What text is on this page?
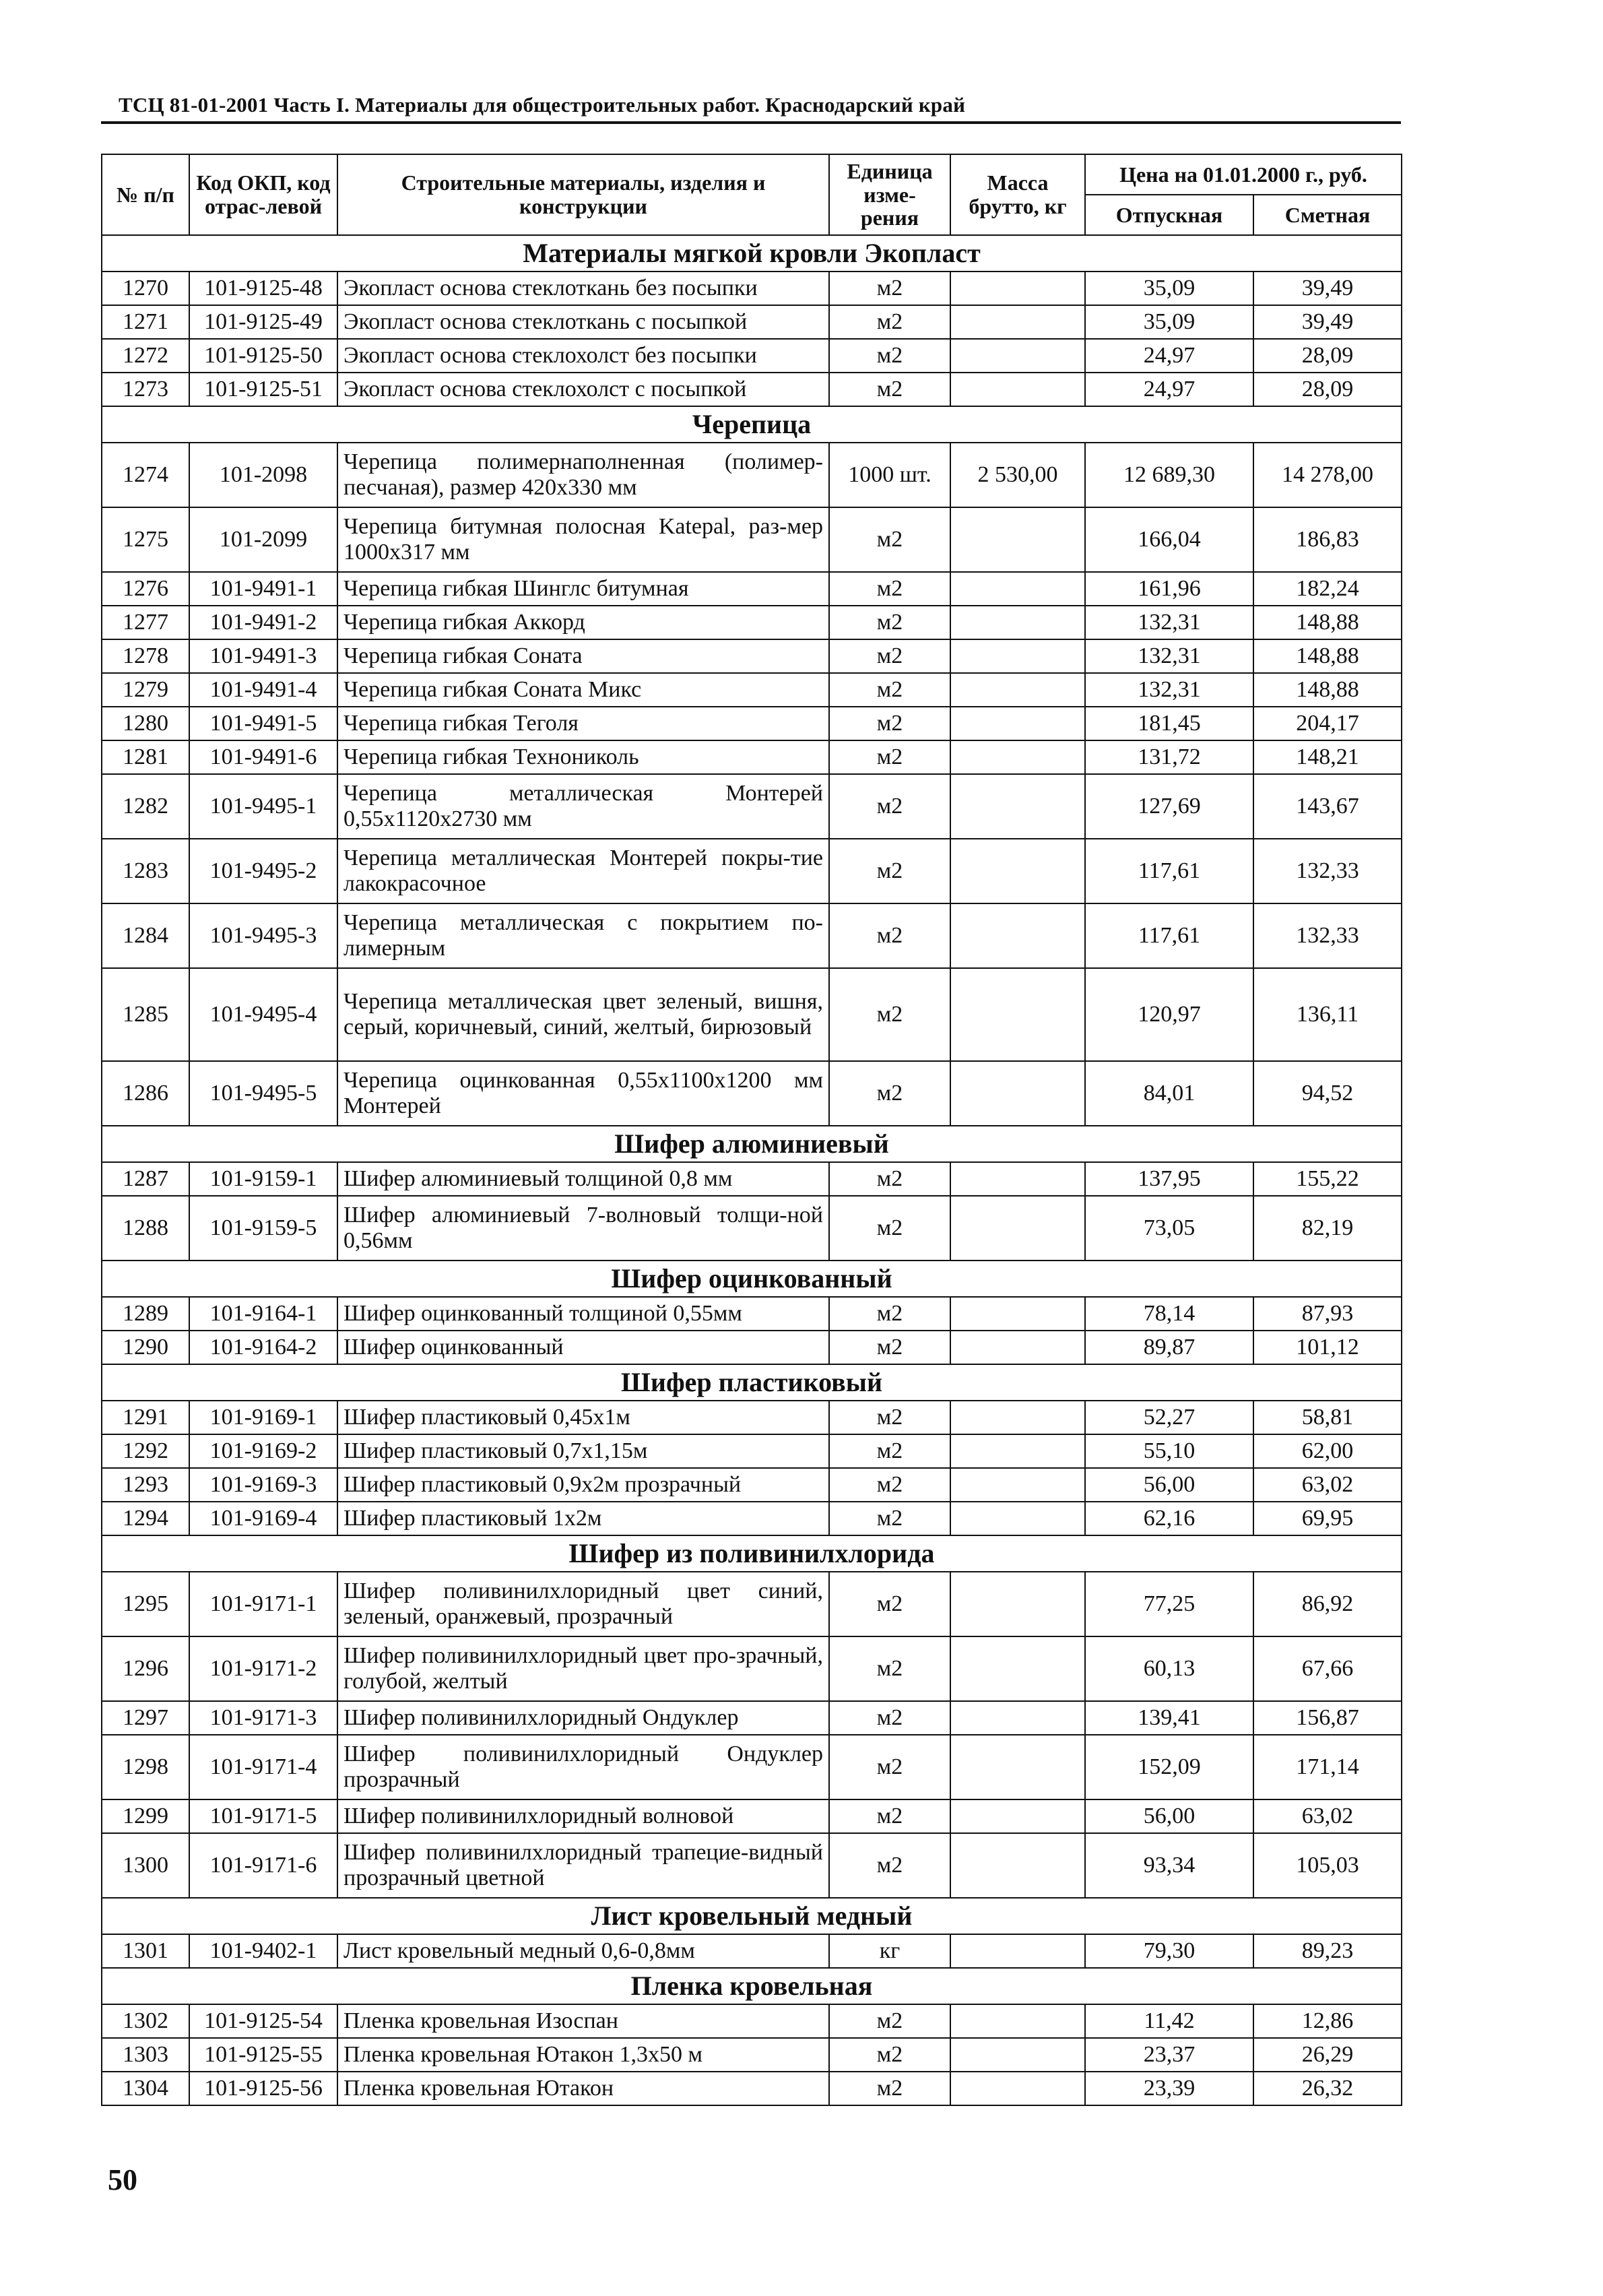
ТСЦ 81-01-2001 Часть I. Материалы для общестроительных работ. Краснодарский край
№ п/п	Код ОКП, код отрас-левой	Строительные материалы, изделия и конструкции	Единица изме-рения	Масса брутто, кг	Цена на 01.01.2000 г., руб.	
					Отпускная	Сметная
Материалы мягкой кровли Экопласт						
1270	101-9125-48	Экопласт основа стеклоткань без посыпки	м2		35,09	39,49
1271	101-9125-49	Экопласт основа стеклоткань с посыпкой	м2		35,09	39,49
1272	101-9125-50	Экопласт основа стеклохолст без посыпки	м2		24,97	28,09
1273	101-9125-51	Экопласт основа стеклохолст с посыпкой	м2		24,97	28,09
Черепица						
1274	101-2098	Черепица полимернаполненная (полимер-песчаная), размер 420х330 мм	1000 шт.	2 530,00	12 689,30	14 278,00
1275	101-2099	Черепица битумная полосная Katepal, раз-мер 1000х317 мм	м2		166,04	186,83
1276	101-9491-1	Черепица гибкая Шинглс битумная	м2		161,96	182,24
1277	101-9491-2	Черепица гибкая Аккорд	м2		132,31	148,88
1278	101-9491-3	Черепица гибкая Соната	м2		132,31	148,88
1279	101-9491-4	Черепица гибкая Соната Микс	м2		132,31	148,88
1280	101-9491-5	Черепица гибкая Теголя	м2		181,45	204,17
1281	101-9491-6	Черепица гибкая Технониколь	м2		131,72	148,21
1282	101-9495-1	Черепица металлическая Монтерей 0,55х1120х2730 мм	м2		127,69	143,67
1283	101-9495-2	Черепица металлическая Монтерей покры-тие лакокрасочное	м2		117,61	132,33
1284	101-9495-3	Черепица металлическая с покрытием по-лимерным	м2		117,61	132,33
1285	101-9495-4	Черепица металлическая цвет зеленый, вишня, серый, коричневый, синий, желтый, бирюзовый	м2		120,97	136,11
1286	101-9495-5	Черепица оцинкованная 0,55х1100х1200 мм Монтерей	м2		84,01	94,52
Шифер алюминиевый						
1287	101-9159-1	Шифер алюминиевый толщиной 0,8 мм	м2		137,95	155,22
1288	101-9159-5	Шифер алюминиевый 7-волновый толщи-ной 0,56мм	м2		73,05	82,19
Шифер оцинкованный						
1289	101-9164-1	Шифер оцинкованный толщиной 0,55мм	м2		78,14	87,93
1290	101-9164-2	Шифер оцинкованный	м2		89,87	101,12
Шифер пластиковый						
1291	101-9169-1	Шифер пластиковый 0,45х1м	м2		52,27	58,81
1292	101-9169-2	Шифер пластиковый 0,7х1,15м	м2		55,10	62,00
1293	101-9169-3	Шифер пластиковый 0,9х2м прозрачный	м2		56,00	63,02
1294	101-9169-4	Шифер пластиковый 1х2м	м2		62,16	69,95
Шифер из поливинилхлорида						
1295	101-9171-1	Шифер поливинилхлоридный цвет синий, зеленый, оранжевый, прозрачный	м2		77,25	86,92
1296	101-9171-2	Шифер поливинилхлоридный цвет про-зрачный, голубой, желтый	м2		60,13	67,66
1297	101-9171-3	Шифер поливинилхлоридный Ондуклер	м2		139,41	156,87
1298	101-9171-4	Шифер поливинилхлоридный Ондуклер прозрачный	м2		152,09	171,14
1299	101-9171-5	Шифер поливинилхлоридный волновой	м2		56,00	63,02
1300	101-9171-6	Шифер поливинилхлоридный трапецие-видный прозрачный цветной	м2		93,34	105,03
Лист кровельный медный						
1301	101-9402-1	Лист кровельный медный 0,6-0,8мм	кг		79,30	89,23
Пленка кровельная						
1302	101-9125-54	Пленка кровельная Изоспан	м2		11,42	12,86
1303	101-9125-55	Пленка кровельная Ютакон 1,3х50 м	м2		23,37	26,29
1304	101-9125-56	Пленка кровельная Ютакон	м2		23,39	26,32
50
